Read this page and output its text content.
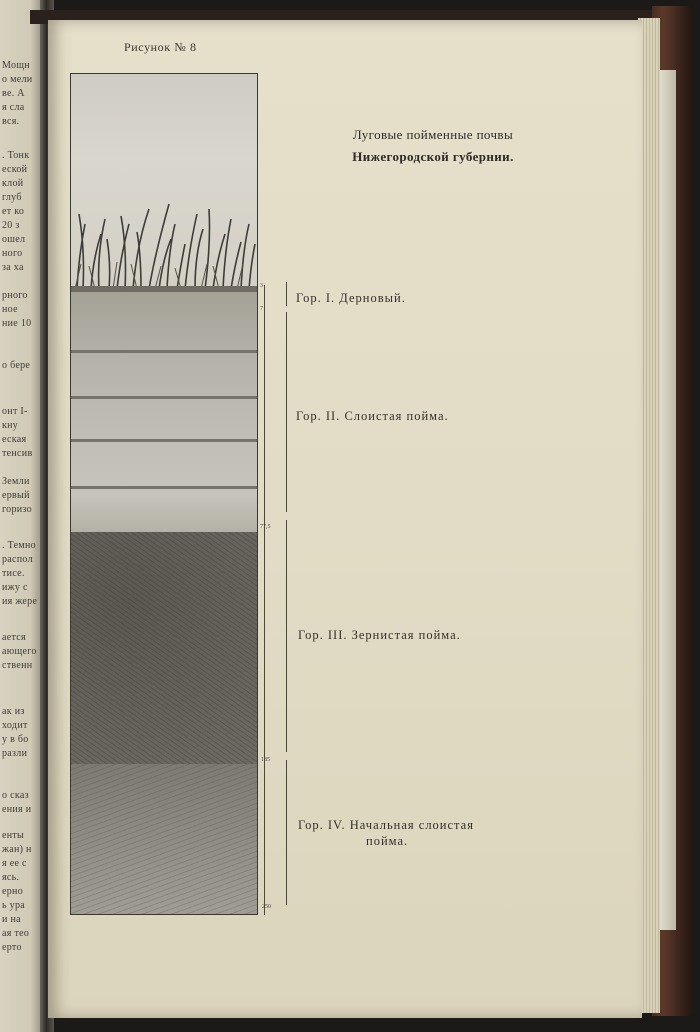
Мощн
о мели
ве. А
я сла
вся.
. Тонк
еской
клой
глуб
ет ко
20 з
ошел
ного
за ха
рного
ное
ние 10
о бере
онт I-
кну
еская
тенсив
Земли
ервый
горизо
. Темно
распол
тисе.
ижу с
ия жере
ается
ающего
ственн
ак из
ходит
у в бо
разли
о сказ
ения и
енты
жан) н
я ее с
ясь.
ерно
ь ура
и на
ая тео
ерто
Рисунок № 8
3
7
77,5
185
250
Луговые пойменные почвы
Нижегородской губернии.
Гор. I. Дерновый.
Гор. II. Слоистая пойма.
Гор. III. Зернистая пойма.
Гор. IV. Начальная слоистая
пойма.
